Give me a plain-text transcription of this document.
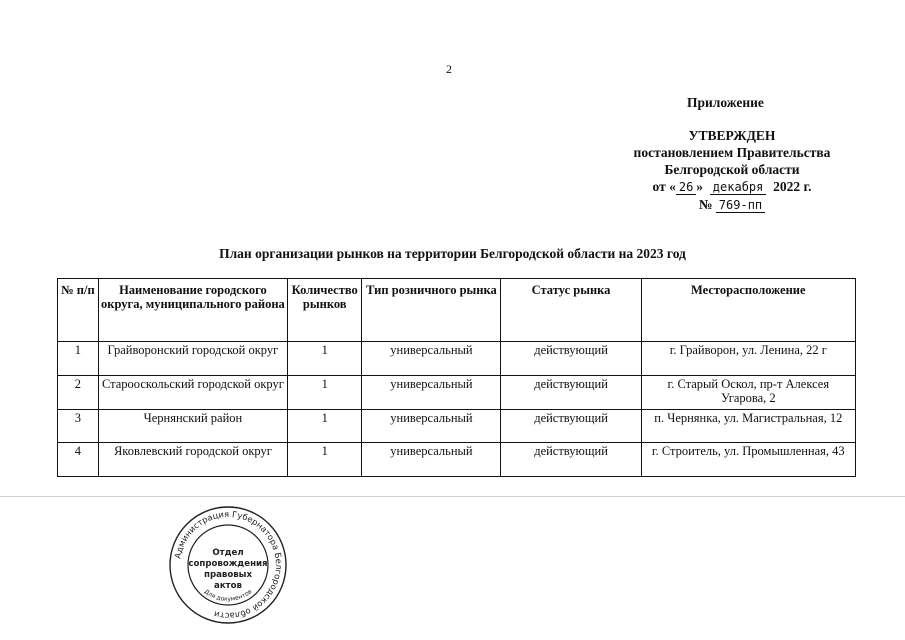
2
Приложение
УТВЕРЖДЕН
постановлением Правительства
Белгородской области
от « 26 » декабря 2022 г.
№ 769-пп
План организации рынков на территории Белгородской области на 2023 год
№ п/п	Наименование городского округа, муниципального района	Количество рынков	Тип розничного рынка	Статус рынка	Месторасположение
1	Грайворонский городской округ	1	универсальный	действующий	г. Грайворон, ул. Ленина, 22 г
2	Старооскольский городской округ	1	универсальный	действующий	г. Старый Оскол, пр-т Алексея Угарова, 2
3	Чернянский район	1	универсальный	действующий	п. Чернянка, ул. Магистральная, 12
4	Яковлевский городской округ	1	универсальный	действующий	г. Строитель, ул. Промышленная, 43
Администрация Губернатора Белгородской области
Для документов
Отдел
сопровождения
правовых
актов
